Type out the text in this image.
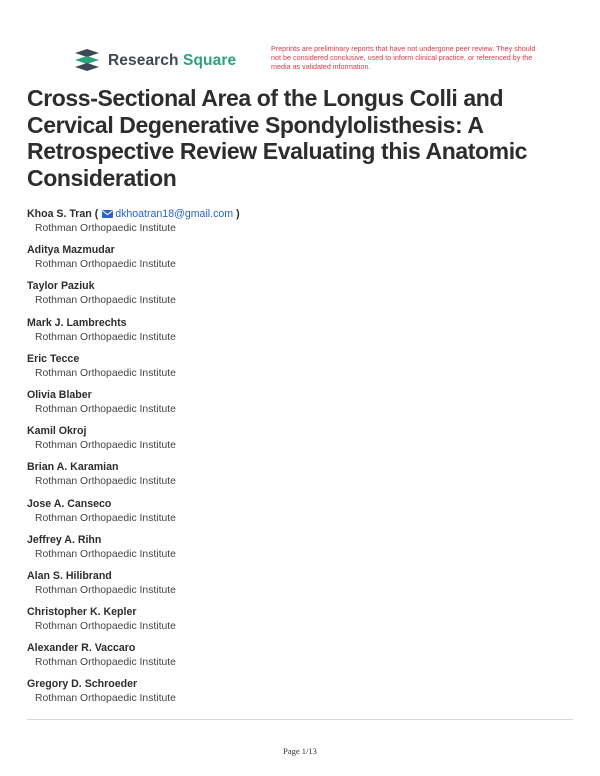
Research Square
Preprints are preliminary reports that have not undergone peer review. They should not be considered conclusive, used to inform clinical practice, or referenced by the media as validated information.
Cross-Sectional Area of the Longus Colli and Cervical Degenerative Spondylolisthesis: A Retrospective Review Evaluating this Anatomic Consideration
Khoa S. Tran ( dkhoatran18@gmail.com )
Rothman Orthopaedic Institute
Aditya Mazmudar
Rothman Orthopaedic Institute
Taylor Paziuk
Rothman Orthopaedic Institute
Mark J. Lambrechts
Rothman Orthopaedic Institute
Eric Tecce
Rothman Orthopaedic Institute
Olivia Blaber
Rothman Orthopaedic Institute
Kamil Okroj
Rothman Orthopaedic Institute
Brian A. Karamian
Rothman Orthopaedic Institute
Jose A. Canseco
Rothman Orthopaedic Institute
Jeffrey A. Rihn
Rothman Orthopaedic Institute
Alan S. Hilibrand
Rothman Orthopaedic Institute
Christopher K. Kepler
Rothman Orthopaedic Institute
Alexander R. Vaccaro
Rothman Orthopaedic Institute
Gregory D. Schroeder
Rothman Orthopaedic Institute
Page 1/13
